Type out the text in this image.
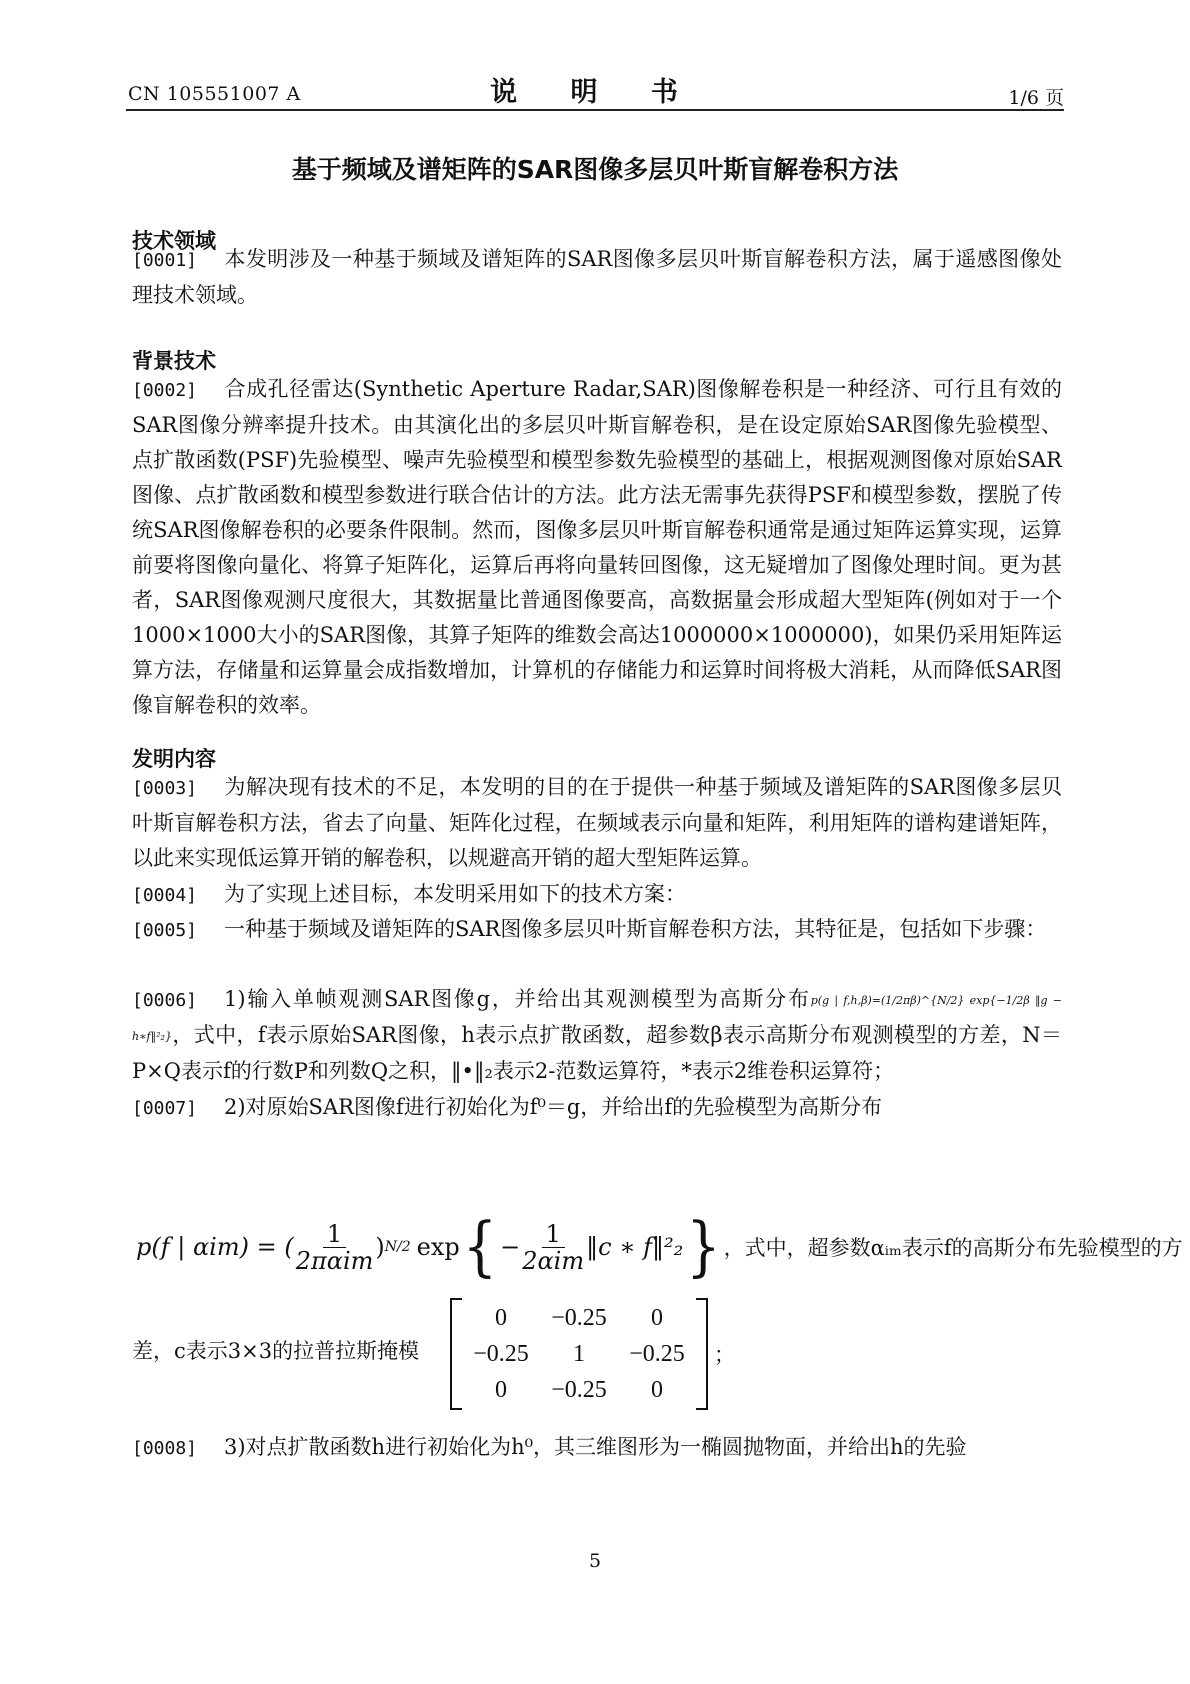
CN 105551007 A	说 明 书	1/6 页
基于频域及谱矩阵的SAR图像多层贝叶斯盲解卷积方法
技术领域
[0001] 本发明涉及一种基于频域及谱矩阵的SAR图像多层贝叶斯盲解卷积方法，属于遥感图像处理技术领域。
背景技术
[0002] 合成孔径雷达(Synthetic Aperture Radar,SAR)图像解卷积是一种经济、可行且有效的SAR图像分辨率提升技术。由其演化出的多层贝叶斯盲解卷积，是在设定原始SAR图像先验模型、点扩散函数(PSF)先验模型、噪声先验模型和模型参数先验模型的基础上，根据观测图像对原始SAR图像、点扩散函数和模型参数进行联合估计的方法。此方法无需事先获得PSF和模型参数，摆脱了传统SAR图像解卷积的必要条件限制。然而，图像多层贝叶斯盲解卷积通常是通过矩阵运算实现，运算前要将图像向量化、将算子矩阵化，运算后再将向量转回图像，这无疑增加了图像处理时间。更为甚者，SAR图像观测尺度很大，其数据量比普通图像要高，高数据量会形成超大型矩阵(例如对于一个1000×1000大小的SAR图像，其算子矩阵的维数会高达1000000×1000000)，如果仍采用矩阵运算方法，存储量和运算量会成指数增加，计算机的存储能力和运算时间将极大消耗，从而降低SAR图像盲解卷积的效率。
发明内容
[0003] 为解决现有技术的不足，本发明的目的在于提供一种基于频域及谱矩阵的SAR图像多层贝叶斯盲解卷积方法，省去了向量、矩阵化过程，在频域表示向量和矩阵，利用矩阵的谱构建谱矩阵，以此来实现低运算开销的解卷积，以规避高开销的超大型矩阵运算。
[0004] 为了实现上述目标，本发明采用如下的技术方案：
[0005] 一种基于频域及谱矩阵的SAR图像多层贝叶斯盲解卷积方法，其特征是，包括如下步骤：
[0006] 1)输入单帧观测SAR图像g，并给出其观测模型为高斯分布p(g | f,h,β)=(1/2πβ)^{N/2} exp{−1/2β ‖g − h∗f‖²₂}，式中，f表示原始SAR图像，h表示点扩散函数，超参数β表示高斯分布观测模型的方差，N＝P×Q表示f的行数P和列数Q之积，‖•‖₂表示2-范数运算符，*表示2维卷积运算符；
[0007] 2)对原始SAR图像f进行初始化为f⁰＝g，并给出f的先验模型为高斯分布
p(f | αim) = ( $\frac{1}{\text{2παim}}$ ) N/2 exp { − $\frac{1}{\text{2αim}}$ ‖c ∗ f‖²₂ } ，式中，超参数αᵢₘ表示f的高斯分布先验模型的方
差，c表示3×3的拉普拉斯掩模
0	−0.25	0
−0.25	1	−0.25
0	−0.25	0
；
[0008] 3)对点扩散函数h进行初始化为h⁰，其三维图形为一椭圆抛物面，并给出h的先验
5
